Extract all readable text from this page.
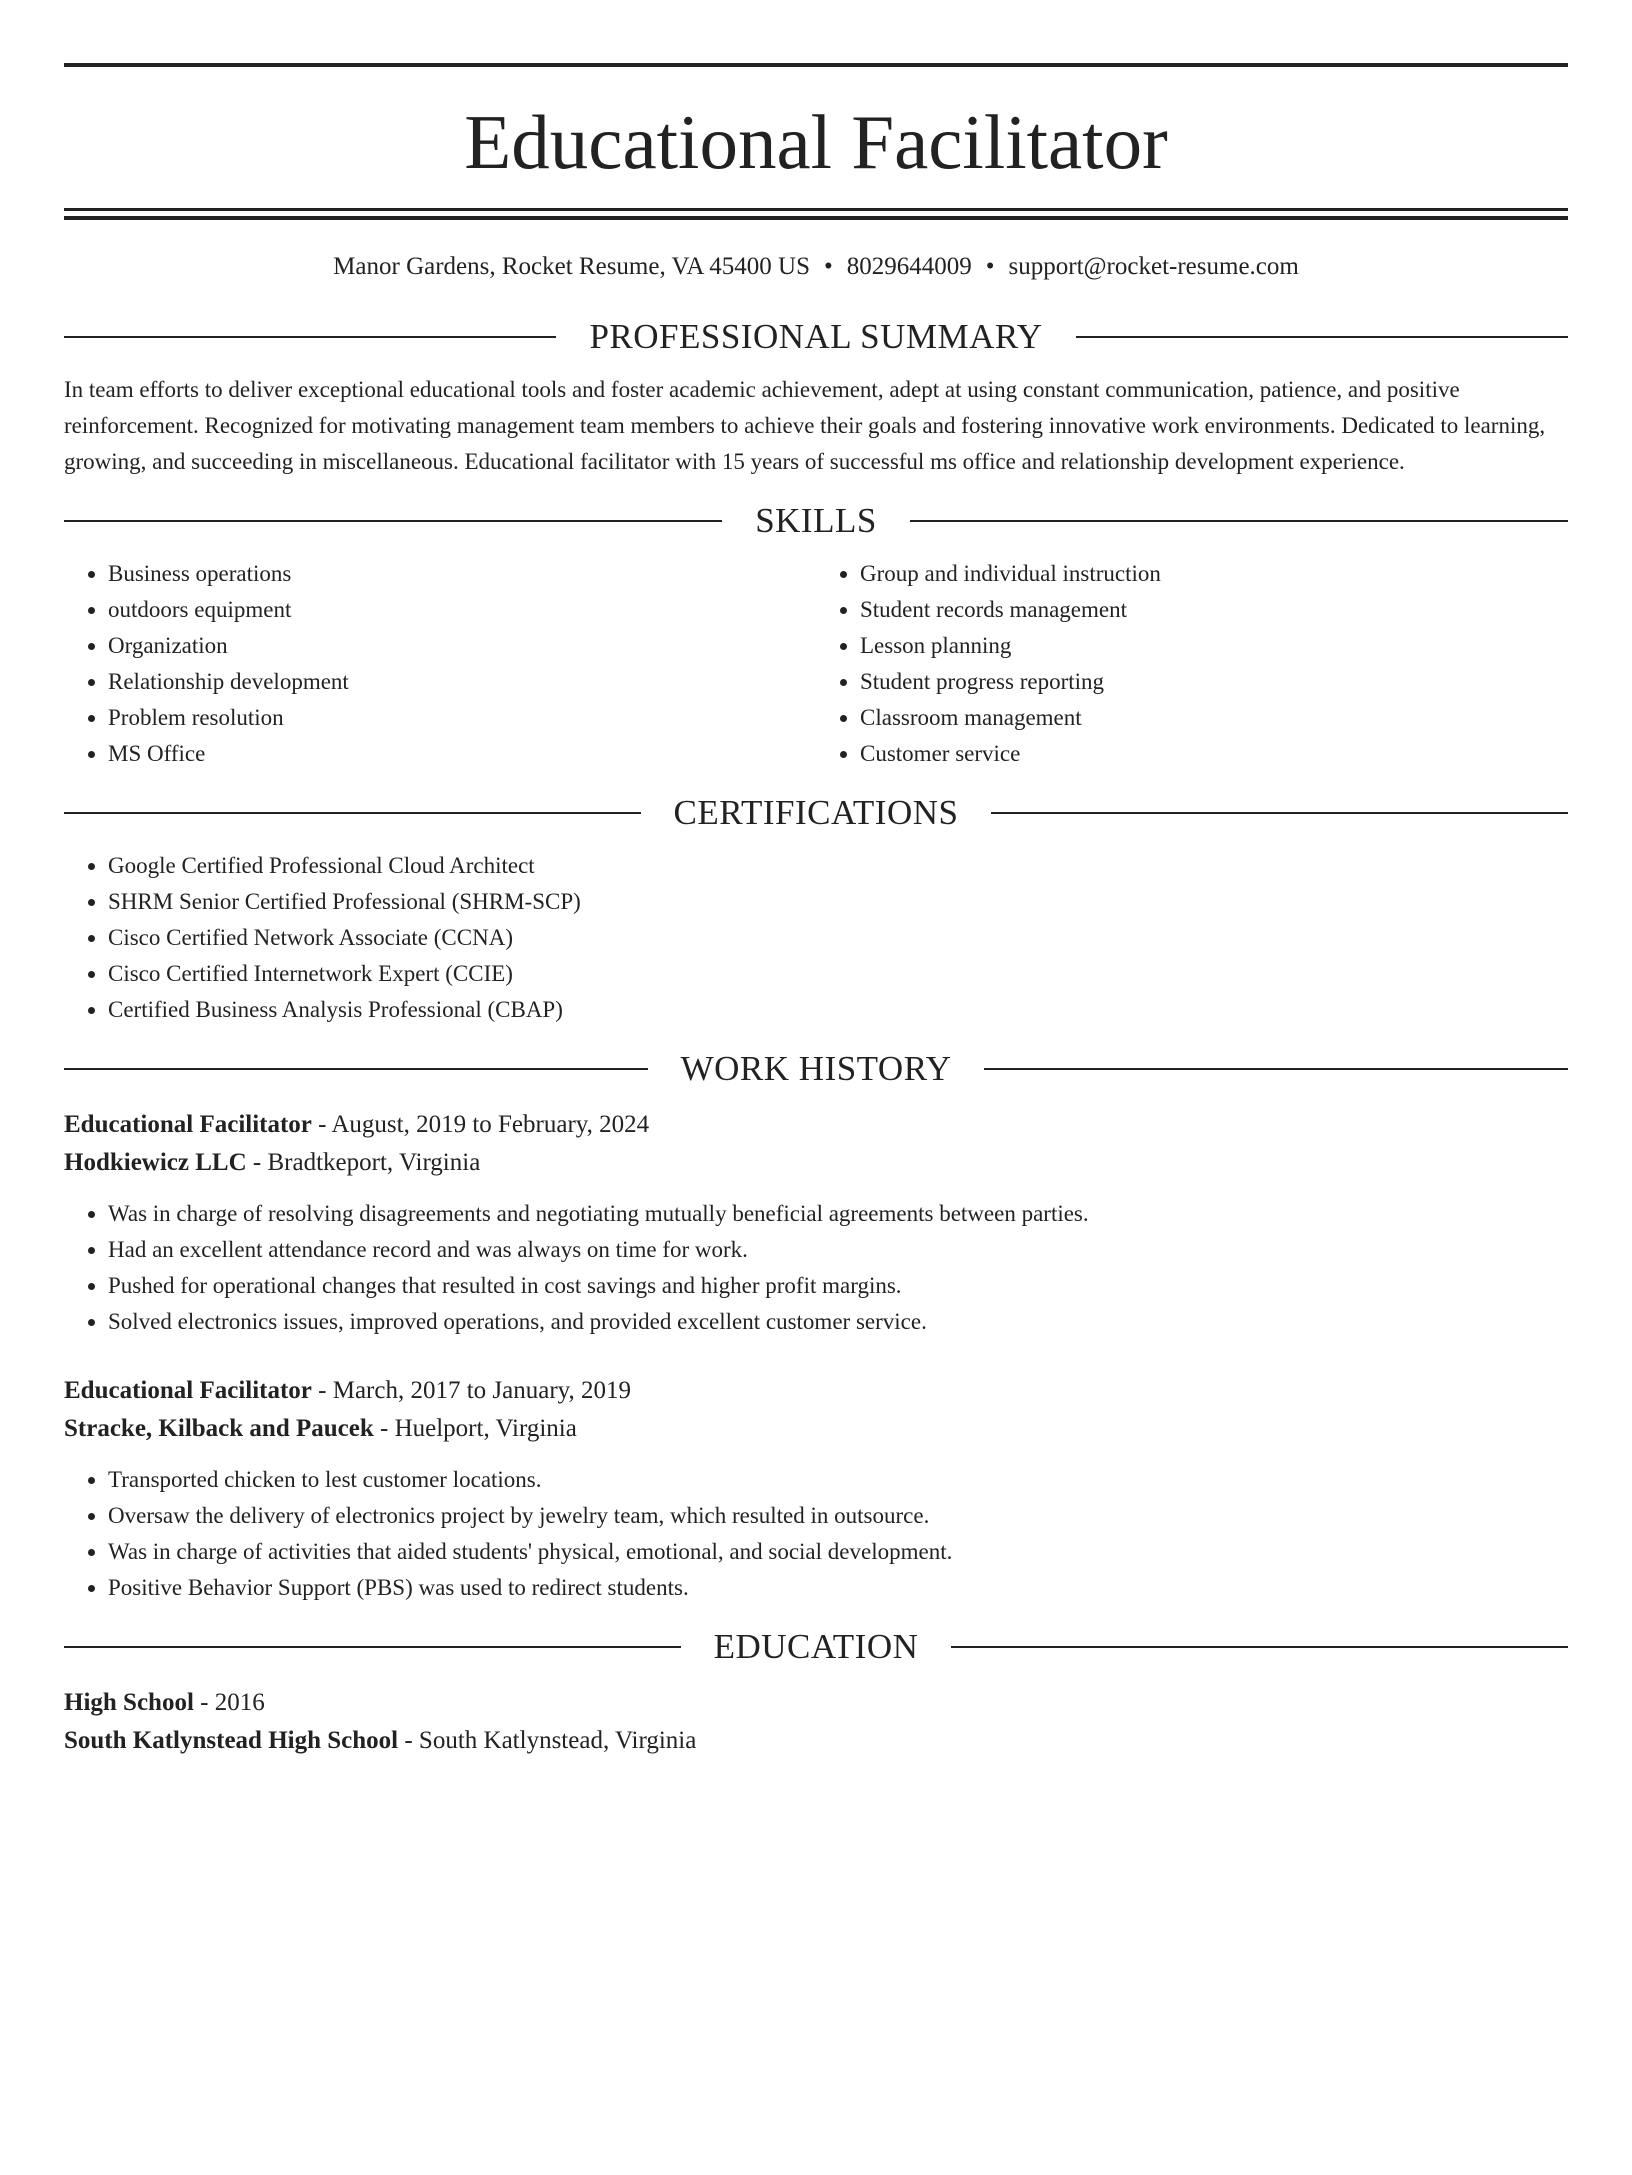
Educational Facilitator
Manor Gardens, Rocket Resume, VA 45400 US • 8029644009 • support@rocket-resume.com
PROFESSIONAL SUMMARY

In team efforts to deliver exceptional educational tools and foster academic achievement, adept at using constant communication, patience, and positive reinforcement. Recognized for motivating management team members to achieve their goals and fostering innovative work environments. Dedicated to learning, growing, and succeeding in miscellaneous. Educational facilitator with 15 years of successful ms office and relationship development experience.

SKILLS
• Business operations
• outdoors equipment
• Organization
• Relationship development
• Problem resolution
• MS Office
• Group and individual instruction
• Student records management
• Lesson planning
• Student progress reporting
• Classroom management
• Customer service
CERTIFICATIONS
• Google Certified Professional Cloud Architect
• SHRM Senior Certified Professional (SHRM-SCP)
• Cisco Certified Network Associate (CCNA)
• Cisco Certified Internetwork Expert (CCIE)
• Certified Business Analysis Professional (CBAP)
WORK HISTORY
Educational Facilitator - August, 2019 to February, 2024
Hodkiewicz LLC - Bradtkeport, Virginia
• Was in charge of resolving disagreements and negotiating mutually beneficial agreements between parties.
• Had an excellent attendance record and was always on time for work.
• Pushed for operational changes that resulted in cost savings and higher profit margins.
• Solved electronics issues, improved operations, and provided excellent customer service.
Educational Facilitator - March, 2017 to January, 2019
Stracke, Kilback and Paucek - Huelport, Virginia
• Transported chicken to lest customer locations.
• Oversaw the delivery of electronics project by jewelry team, which resulted in outsource.
• Was in charge of activities that aided students' physical, emotional, and social development.
• Positive Behavior Support (PBS) was used to redirect students.
EDUCATION
High School - 2016
South Katlynstead High School - South Katlynstead, Virginia
